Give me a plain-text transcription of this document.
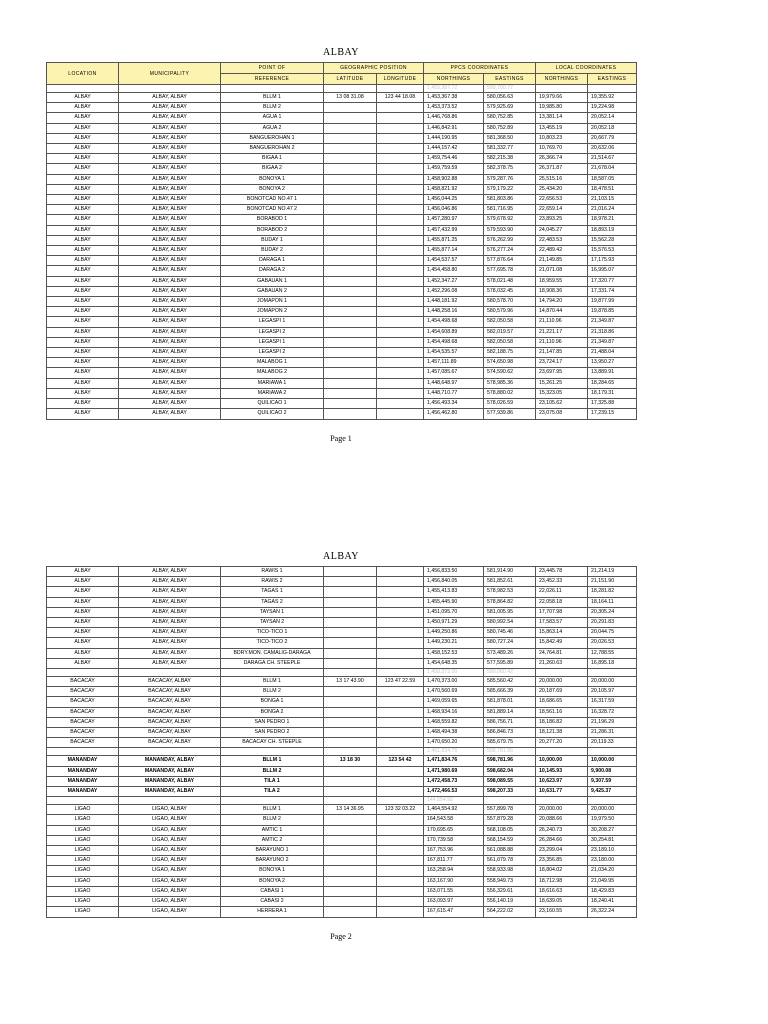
ALBAY
LOCATION	MUNICIPALITY	POINT OF	GEOGRAPHIC POSITION		PPCS COORDINATES		LOCAL COORDINATES	
		REFERENCE	LATITUDE	LONGITUDE	NORTHINGS	EASTINGS	NORTHINGS	EASTINGS
					1,455,387.72	580,700.77		
ALBAY	ALBAY, ALBAY	BLLM 1	13 08 31.08	123 44 18.08	1,453,367.38	580,056.63	19,979.66	19,355.92
ALBAY	ALBAY, ALBAY	BLLM 2			1,453,373.52	579,925.69	19,985.80	19,224.98
ALBAY	ALBAY, ALBAY	AGUA 1			1,446,768.86	580,752.85	13,381.14	20,052.14
ALBAY	ALBAY, ALBAY	AGUA 2			1,446,842.91	580,752.89	13,455.19	20,052.18
ALBAY	ALBAY, ALBAY	BANGUEROHAN 1			1,444,190.95	581,368.50	10,803.23	20,667.79
ALBAY	ALBAY, ALBAY	BANGUEROHAN 2			1,444,157.42	581,332.77	10,769.70	20,632.06
ALBAY	ALBAY, ALBAY	BIGAA 1			1,459,754.46	582,215.38	26,366.74	21,514.67
ALBAY	ALBAY, ALBAY	BIGAA 2			1,459,759.59	582,378.75	26,371.87	21,678.04
ALBAY	ALBAY, ALBAY	BONOYA 1			1,458,902.88	579,287.76	25,515.16	18,587.05
ALBAY	ALBAY, ALBAY	BONOYA 2			1,458,821.92	579,179.22	25,434.20	18,478.51
ALBAY	ALBAY, ALBAY	BONOTCAD NO.47 1			1,456,044.25	581,803.86	22,656.53	21,103.15
ALBAY	ALBAY, ALBAY	BONOTCAD NO.47 2			1,456,046.86	581,716.95	22,659.14	21,016.24
ALBAY	ALBAY, ALBAY	BORABOD 1			1,457,280.97	579,678.92	23,893.25	18,978.21
ALBAY	ALBAY, ALBAY	BORABOD 2			1,457,432.99	579,593.90	24,045.27	18,893.19
ALBAY	ALBAY, ALBAY	BUDAY 1			1,455,871.25	576,262.99	22,483.53	15,562.28
ALBAY	ALBAY, ALBAY	BUDAY 2			1,455,877.14	576,277.24	22,489.42	15,576.53
ALBAY	ALBAY, ALBAY	DARAGA 1			1,454,537.57	577,876.64	21,149.85	17,175.93
ALBAY	ALBAY, ALBAY	DARAGA 2			1,454,458.80	577,695.78	21,071.08	16,995.07
ALBAY	ALBAY, ALBAY	GABAUAN 1			1,452,347.27	578,021.48	18,959.55	17,320.77
ALBAY	ALBAY, ALBAY	GABAUAN 2			1,452,296.08	578,032.45	18,908.36	17,331.74
ALBAY	ALBAY, ALBAY	JOMAPON 1			1,448,181.92	580,578.70	14,794.20	19,877.99
ALBAY	ALBAY, ALBAY	JOMAPON 2			1,448,258.16	580,579.96	14,870.44	19,878.85
ALBAY	ALBAY, ALBAY	LEGASPI 1			1,454,498.68	582,050.58	21,110.96	21,349.87
ALBAY	ALBAY, ALBAY	LEGASPI 2			1,454,608.89	582,019.57	21,221.17	21,318.86
ALBAY	ALBAY, ALBAY	LEGASPI 1			1,454,498.68	582,050.58	21,110.96	21,349.87
ALBAY	ALBAY, ALBAY	LEGASPI 2			1,454,535.57	582,188.75	21,147.85	21,488.04
ALBAY	ALBAY, ALBAY	MALABOG 1			1,457,111.89	574,650.98	23,724.17	13,950.27
ALBAY	ALBAY, ALBAY	MALABOG 2			1,457,085.67	574,590.62	23,697.95	13,889.91
ALBAY	ALBAY, ALBAY	MARIAWA 1			1,448,648.97	578,985.36	15,261.25	18,284.65
ALBAY	ALBAY, ALBAY	MARIAWA 2			1,448,710.77	578,880.02	15,323.05	18,179.31
ALBAY	ALBAY, ALBAY	QUILICAO 1			1,456,493.34	578,026.59	23,105.62	17,325.88
ALBAY	ALBAY, ALBAY	QUILICAO 2			1,456,462.80	577,939.86	23,075.08	17,239.15
Page 1
ALBAY
ALBAY	ALBAY, ALBAY	RAWIS 1			1,456,833.50	581,914.90	23,445.78	21,214.19
ALBAY	ALBAY, ALBAY	RAWIS 2			1,456,840.05	581,852.61	23,452.33	21,151.90
ALBAY	ALBAY, ALBAY	TAGAS 1			1,455,413.83	578,982.53	22,026.11	18,281.82
ALBAY	ALBAY, ALBAY	TAGAS 2			1,455,445.90	578,864.82	22,058.18	18,164.11
ALBAY	ALBAY, ALBAY	TAYSAN 1			1,451,095.70	581,005.95	17,707.98	20,305.24
ALBAY	ALBAY, ALBAY	TAYSAN 2			1,450,971.29	580,992.54	17,583.57	20,291.83
ALBAY	ALBAY, ALBAY	TICO-TICO 1			1,449,250.86	580,745.46	15,863.14	20,044.75
ALBAY	ALBAY, ALBAY	TICO-TICO 2			1,449,230.21	580,727.24	15,842.49	20,026.53
ALBAY	ALBAY, ALBAY	BDRY.MON. CAMALIG-DARAGA			1,458,152.53	573,489.26	24,764.81	12,788.55
ALBAY	ALBAY, ALBAY	DARAGA CH. STEEPLE			1,454,648.35	577,595.89	21,260.63	16,895.18
					1,450,373.00	580,060.42		
BACACAY	BACACAY, ALBAY	BLLM 1	13 17 43.90	123 47 22.59	1,470,373.00	585,560.42	20,000.00	20,000.00
BACACAY	BACACAY, ALBAY	BLLM 2			1,470,560.69	585,666.39	20,187.69	20,105.97
BACACAY	BACACAY, ALBAY	BONGA 1			1,469,059.65	581,878.01	18,686.65	16,317.59
BACACAY	BACACAY, ALBAY	BONGA 2			1,468,934.16	581,889.14	18,561.16	16,328.72
BACACAY	BACACAY, ALBAY	SAN PEDRO 1			1,468,559.82	586,756.71	18,186.82	21,196.29
BACACAY	BACACAY, ALBAY	SAN PEDRO 2			1,468,494.38	586,846.73	18,121.38	21,286.31
BACACAY	BACACAY, ALBAY	BACACAY CH. STEEPLE			1,470,650.20	585,679.75	20,277.20	20,119.33
					1,461,834.76	598,781.96		
MANANDAY	MANANDAY, ALBAY	BLLM 1	13 18 30	123 54 42	1,471,834.76	598,781.96	10,000.00	10,000.00
MANANDAY	MANANDAY, ALBAY	BLLM 2			1,471,980.69	598,682.04	10,145.93	9,900.08
MANANDAY	MANANDAY, ALBAY	TILA 1			1,472,458.73	598,089.55	10,623.97	9,307.59
MANANDAY	MANANDAY, ALBAY	TILA 2			1,472,466.53	598,207.33	10,631.77	9,425.37
					144,554.92			
LIGAO	LIGAO, ALBAY	BLLM 1	13 14 36.95	123 32 03.22	1,464,554.92	557,899.78	20,000.00	20,000.00
LIGAO	LIGAO, ALBAY	BLLM 2			164,543.58	557,879.28	20,088.66	19,979.50
LIGAO	LIGAO, ALBAY	AMTIC 1			170,695.65	568,108.05	26,240.73	30,208.27
LIGAO	LIGAO, ALBAY	AMTIC 2			170,739.58	568,154.59	26,284.66	30,254.81
LIGAO	LIGAO, ALBAY	BARAYUNO 1			167,753.96	561,088.88	23,299.04	23,189.10
LIGAO	LIGAO, ALBAY	BARAYUNO 2			167,811.77	561,079.78	23,356.85	23,180.00
LIGAO	LIGAO, ALBAY	BONOYA 1			163,258.94	558,933.98	18,804.02	21,034.20
LIGAO	LIGAO, ALBAY	BONOYA 2			163,167.90	558,949.73	18,712.98	21,049.95
LIGAO	LIGAO, ALBAY	CABASI 1			163,071.55	556,329.61	18,616.63	18,429.83
LIGAO	LIGAO, ALBAY	CABASI 2			163,093.97	556,140.19	18,639.05	18,240.41
LIGAO	LIGAO, ALBAY	HERRERA 1			167,615.47	564,222.02	23,160.55	26,322.24
Page 2
